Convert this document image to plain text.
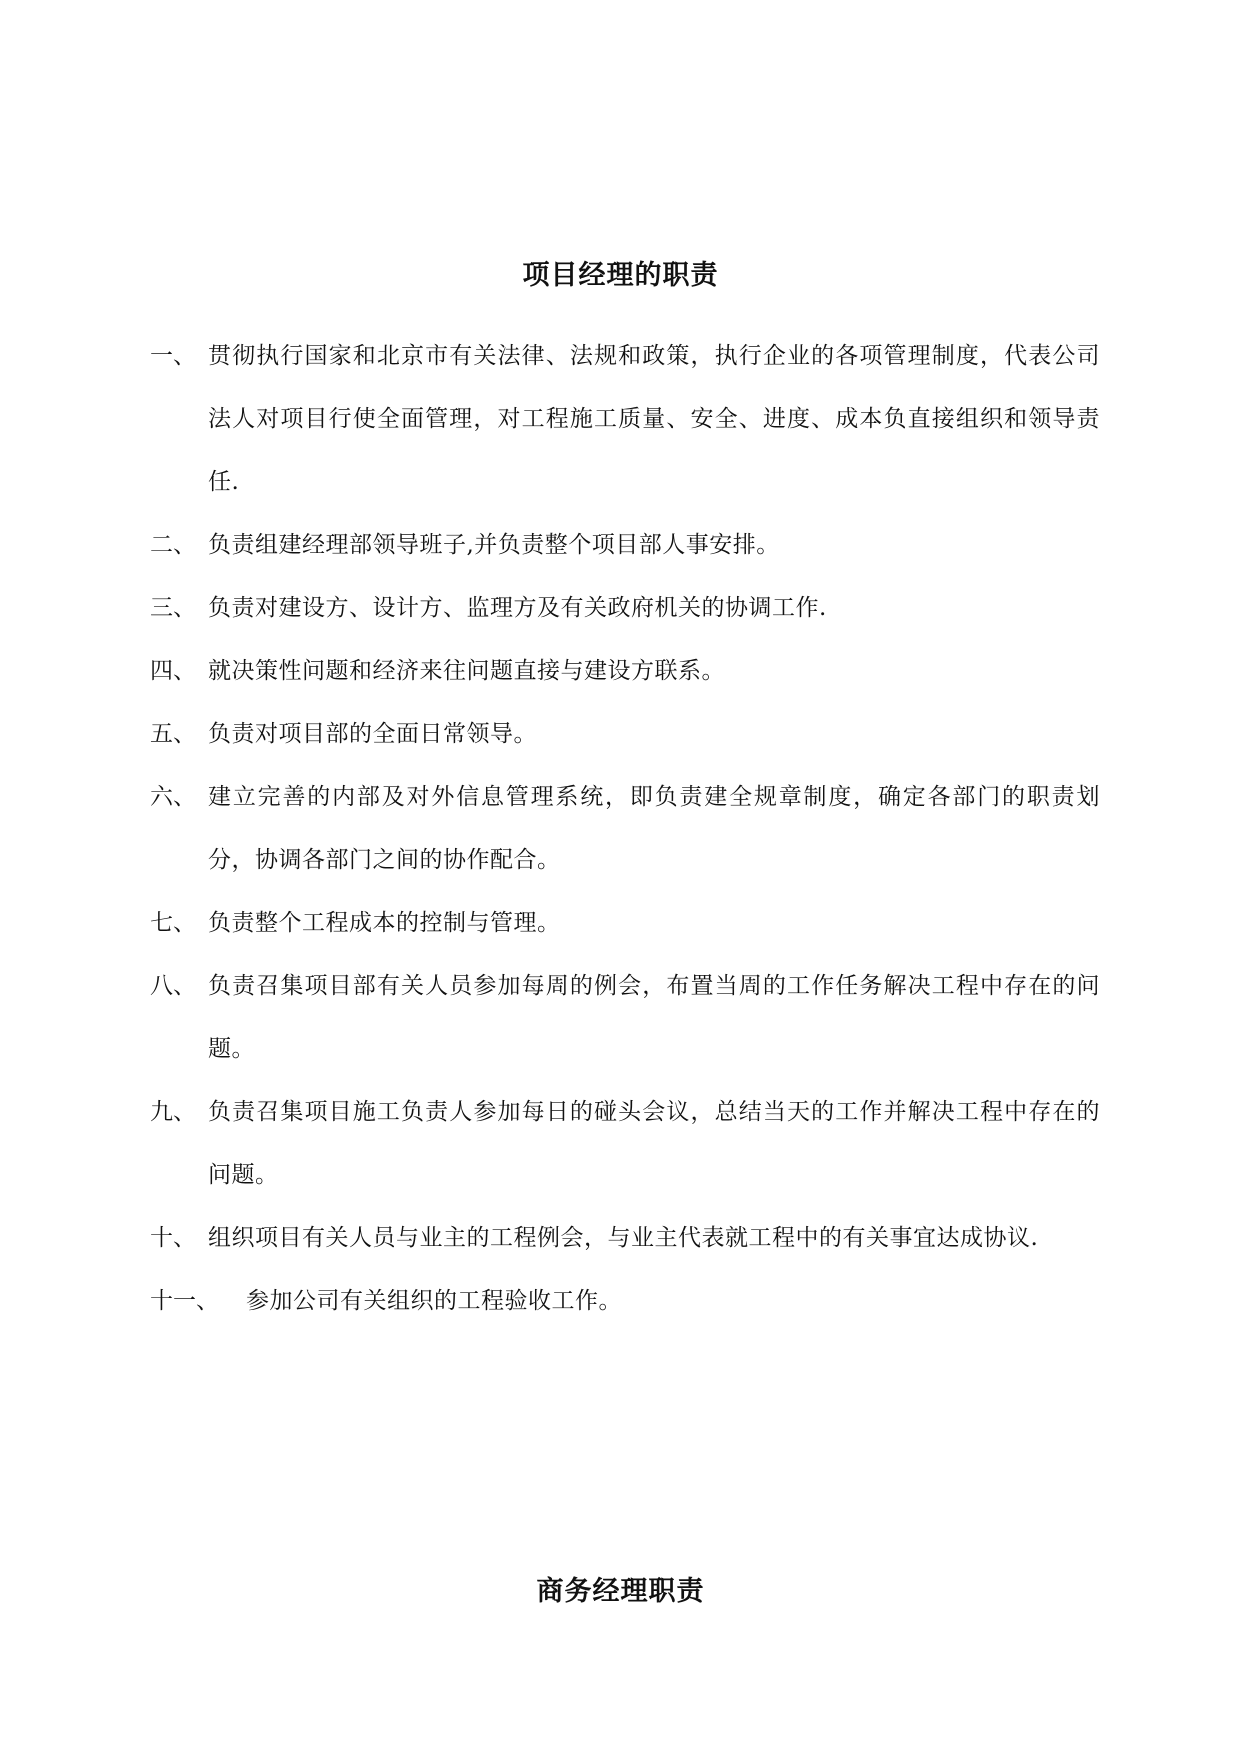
项目经理的职责
一、 贯彻执行国家和北京市有关法律、法规和政策，执行企业的各项管理制度，代表公司法人对项目行使全面管理，对工程施工质量、安全、进度、成本负直接组织和领导责任.
二、 负责组建经理部领导班子,并负责整个项目部人事安排。
三、 负责对建设方、设计方、监理方及有关政府机关的协调工作.
四、 就决策性问题和经济来往问题直接与建设方联系。
五、 负责对项目部的全面日常领导。
六、 建立完善的内部及对外信息管理系统，即负责建全规章制度，确定各部门的职责划分，协调各部门之间的协作配合。
七、 负责整个工程成本的控制与管理。
八、 负责召集项目部有关人员参加每周的例会，布置当周的工作任务解决工程中存在的问题。
九、 负责召集项目施工负责人参加每日的碰头会议，总结当天的工作并解决工程中存在的问题。
十、 组织项目有关人员与业主的工程例会，与业主代表就工程中的有关事宜达成协议.
十一、 参加公司有关组织的工程验收工作。
商务经理职责
